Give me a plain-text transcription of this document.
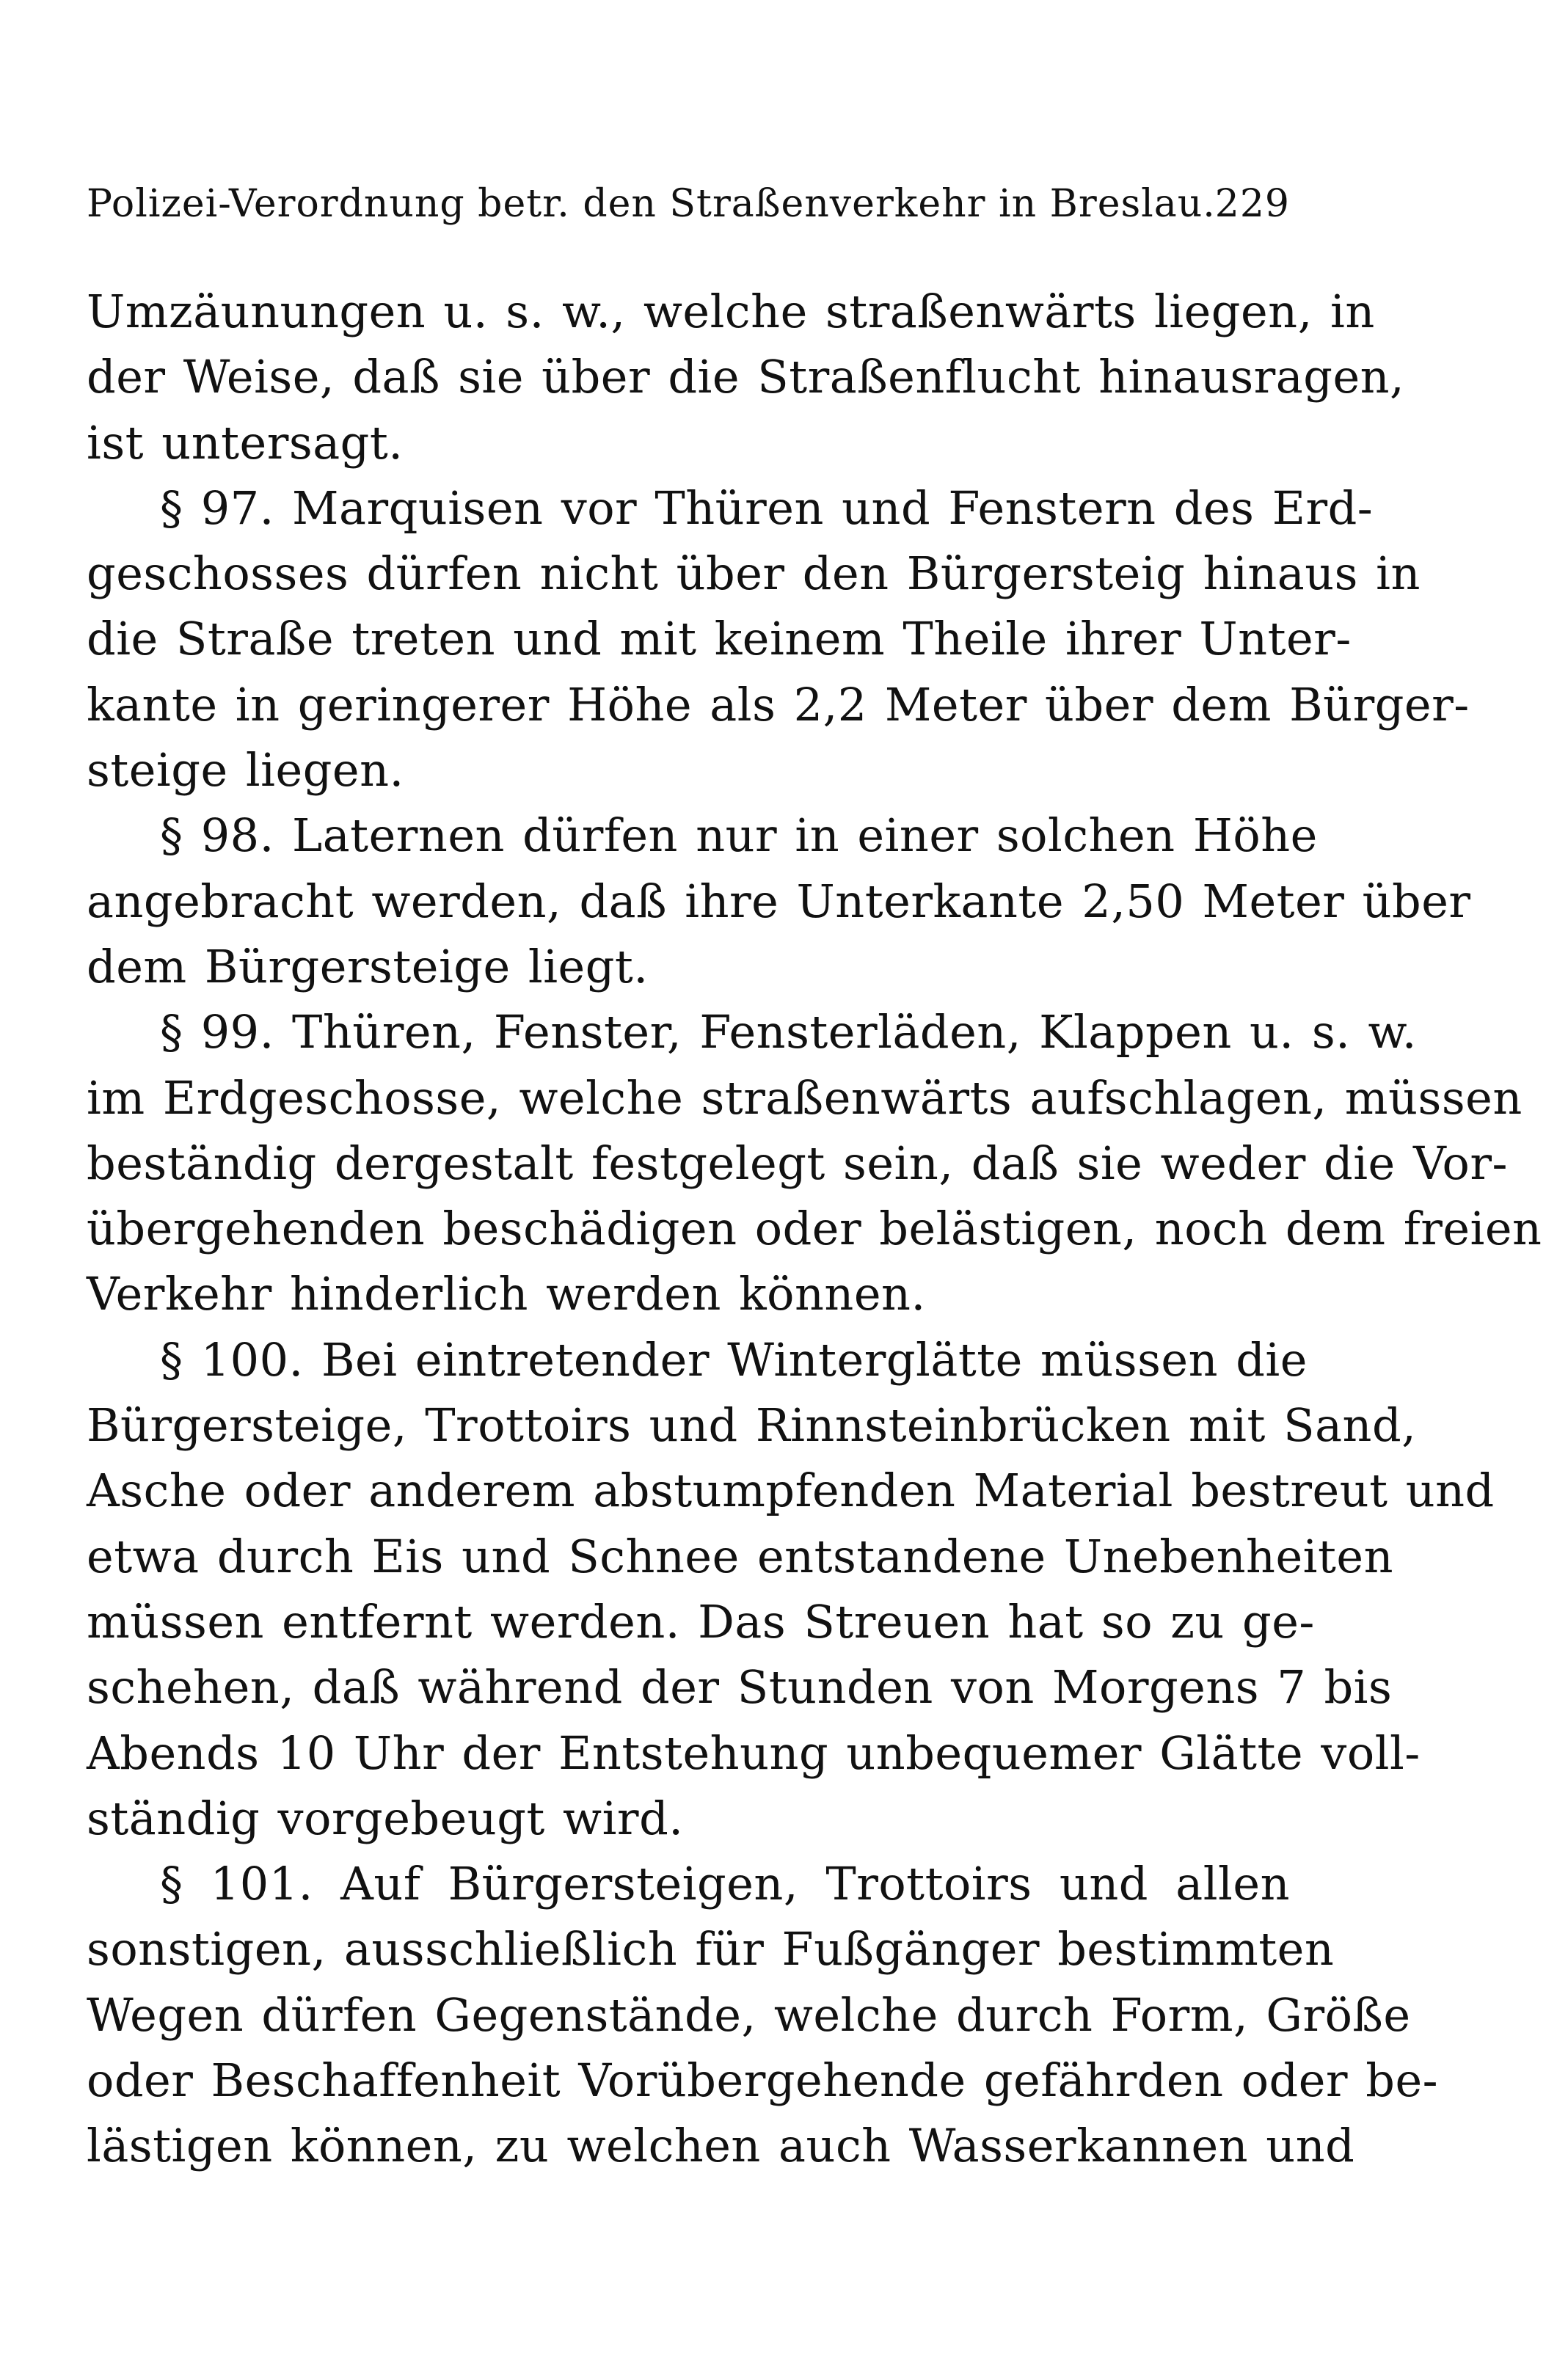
Polizei-Verordnung betr. den Straßenverkehr in Breslau.
229
Umzäunungen u. s. w., welche straßenwärts liegen, in
der Weise, daß sie über die Straßenflucht hinausragen,
ist untersagt.
§ 97. Marquisen vor Thüren und Fenstern des Erd-
geschosses dürfen nicht über den Bürgersteig hinaus in
die Straße treten und mit keinem Theile ihrer Unter-
kante in geringerer Höhe als 2,2 Meter über dem Bürger-
steige liegen.
§ 98. Laternen dürfen nur in einer solchen Höhe
angebracht werden, daß ihre Unterkante 2,50 Meter über
dem Bürgersteige liegt.
§ 99. Thüren, Fenster, Fensterläden, Klappen u. s. w.
im Erdgeschosse, welche straßenwärts aufschlagen, müssen
beständig dergestalt festgelegt sein, daß sie weder die Vor-
übergehenden beschädigen oder belästigen, noch dem freien
Verkehr hinderlich werden können.
§ 100. Bei eintretender Winterglätte müssen die
Bürgersteige, Trottoirs und Rinnsteinbrücken mit Sand,
Asche oder anderem abstumpfenden Material bestreut und
etwa durch Eis und Schnee entstandene Unebenheiten
müssen entfernt werden. Das Streuen hat so zu ge-
schehen, daß während der Stunden von Morgens 7 bis
Abends 10 Uhr der Entstehung unbequemer Glätte voll-
ständig vorgebeugt wird.
§ 101. Auf Bürgersteigen, Trottoirs und allen
sonstigen, ausschließlich für Fußgänger bestimmten
Wegen dürfen Gegenstände, welche durch Form, Größe
oder Beschaffenheit Vorübergehende gefährden oder be-
lästigen können, zu welchen auch Wasserkannen und
